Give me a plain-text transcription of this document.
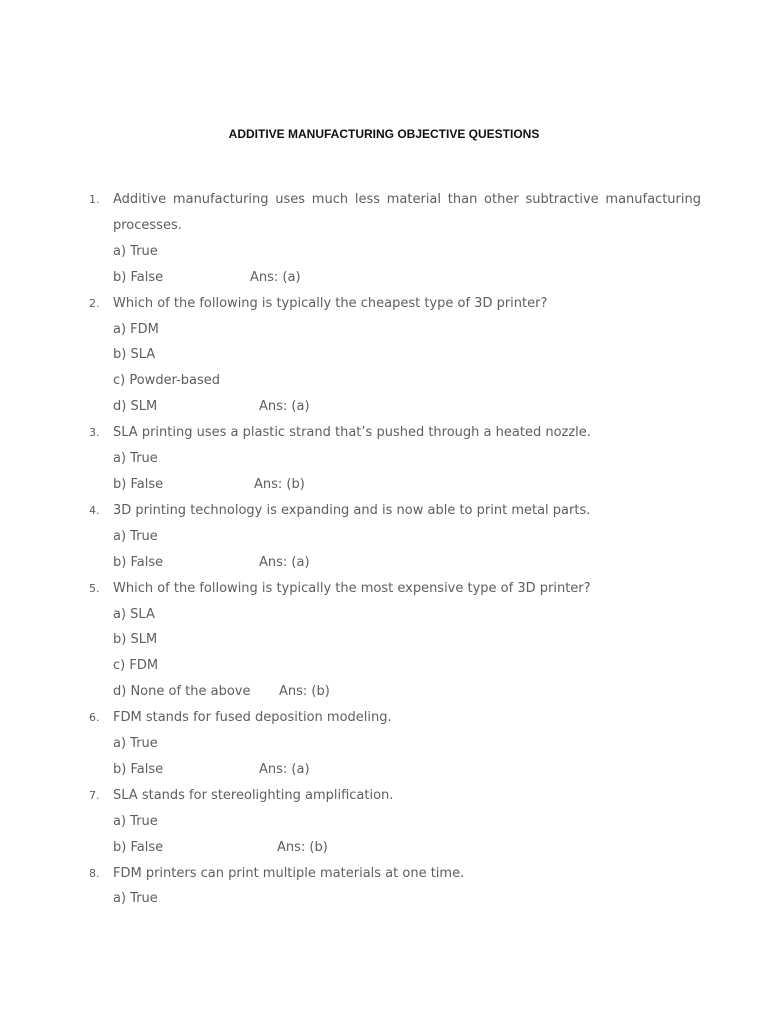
ADDITIVE MANUFACTURING OBJECTIVE QUESTIONS
1. Additive manufacturing uses much less material than other subtractive manufacturing processes.
a) True
b) False	Ans: (a)
2. Which of the following is typically the cheapest type of 3D printer?
a) FDM
b) SLA
c) Powder-based
d) SLM	Ans: (a)
3. SLA printing uses a plastic strand that’s pushed through a heated nozzle.
a) True
b) False	Ans: (b)
4. 3D printing technology is expanding and is now able to print metal parts.
a) True
b) False	Ans: (a)
5. Which of the following is typically the most expensive type of 3D printer?
a) SLA
b) SLM
c) FDM
d) None of the above Ans: (b)
6. FDM stands for fused deposition modeling.
a) True
b) False	Ans: (a)
7. SLA stands for stereolighting amplification.
a) True
b) False	Ans: (b)
8. FDM printers can print multiple materials at one time.
a) True
